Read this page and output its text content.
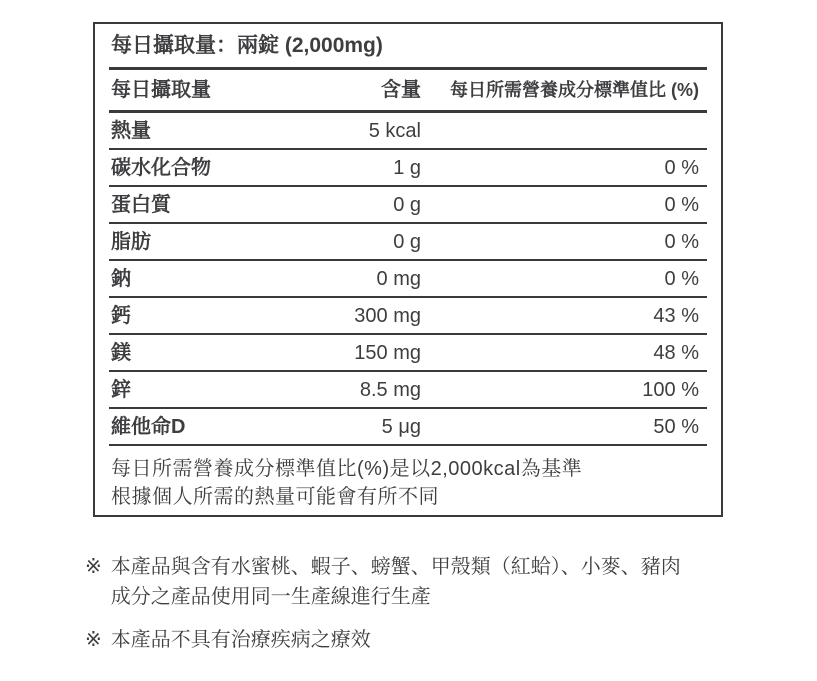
每日攝取量：兩錠 (2,000mg)
每日攝取量	含量	每日所需營養成分標準值比 (%)
熱量	5 kcal
碳水化合物	1 g	0 %
蛋白質	0 g	0 %
脂肪	0 g	0 %
鈉	0 mg	0 %
鈣	300 mg	43 %
鎂	150 mg	48 %
鋅	8.5 mg	100 %
維他命D	5 μg	50 %
每日所需營養成分標準值比(%)是以2,000kcal為基準
根據個人所需的熱量可能會有所不同
※ 本產品與含有水蜜桃、蝦子、螃蟹、甲殼類（紅蛤）、小麥、豬肉
成分之產品使用同一生產線進行生產
※ 本產品不具有治療疾病之療效
